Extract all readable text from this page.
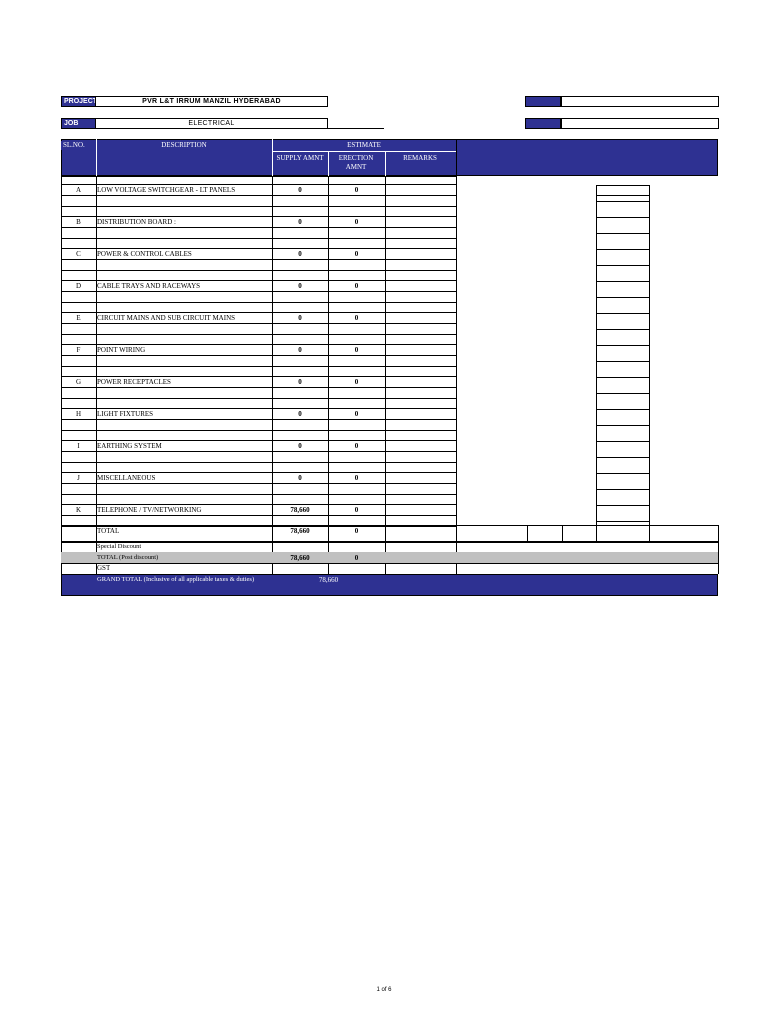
PROJECT	PVR L&T IRRUM MANZIL HYDERABAD
JOB	ELECTRICAL
SL.NO.	DESCRIPTION	ESTIMATE
SUPPLY AMNT	ERECTION AMNT
REMARKS
A	LOW VOLTAGE SWITCHGEAR - LT PANELS	0	0
B	DISTRIBUTION BOARD :	0	0
C	POWER & CONTROL CABLES	0	0
D	CABLE TRAYS AND RACEWAYS	0	0
E	CIRCUIT MAINS AND SUB CIRCUIT MAINS	0	0
F	POINT WIRING	0	0
G	POWER RECEPTACLES	0	0
H	LIGHT FIXTURES	0	0
I	EARTHING SYSTEM	0	0
J	MISCELLANEOUS	0	0
K	TELEPHONE / TV/NETWORKING	78,660	0
TOTAL	78,660	0
Special Discount
TOTAL (Post discount)	78,660	0
GST
GRAND TOTAL (Inclusive of all applicable taxes & duties)	78,660
1 of 6
